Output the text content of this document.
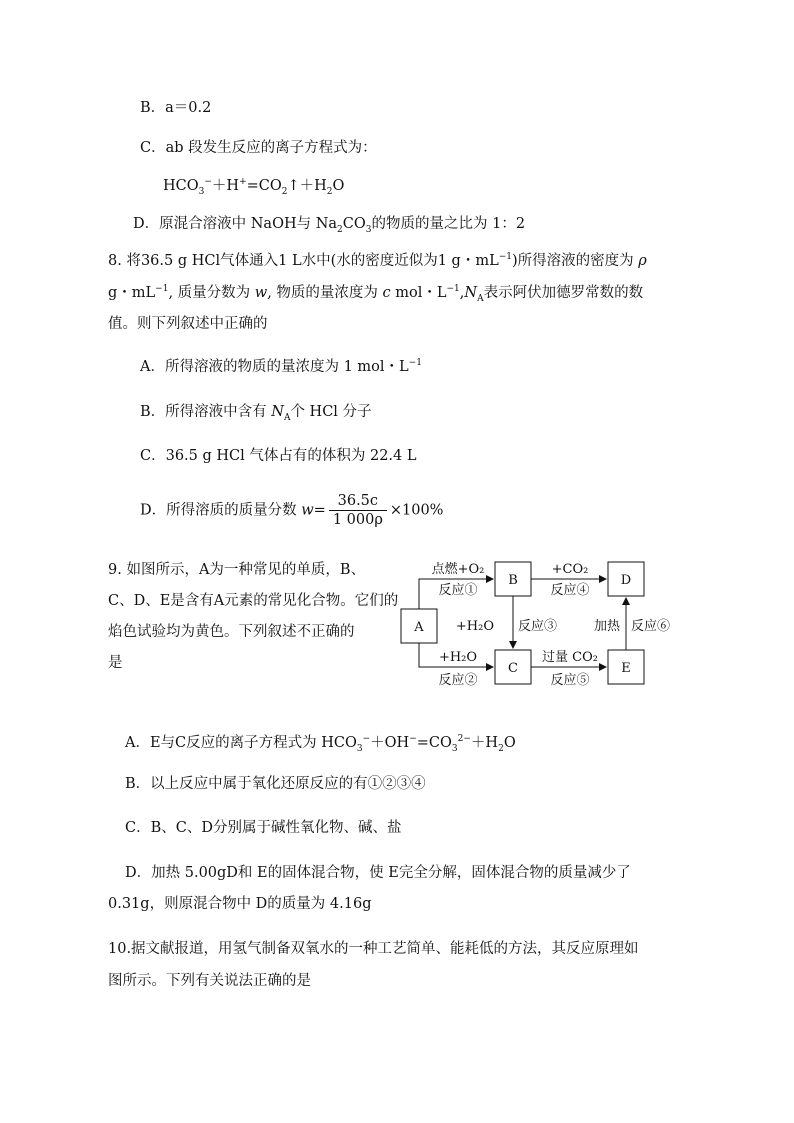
B．a＝0.2
C．ab 段发生反应的离子方程式为：
$HCO_3^-+H^+=CO_2↑+H_2O$
D．原混合溶液中 NaOH与 $Na_2CO_3$的物质的量之比为 1：2
8. 将36.5 g HCl气体通入1 L水中(水的密度近似为1 g・$mL^{-1}$)所得溶液的密度为 ρ
g・$mL^{-1}$, 质量分数为 w, 物质的量浓度为 c mol・$L^{-1},N_A$表示阿伏加德罗常数的数
值。则下列叙述中正确的
A．所得溶液的物质的量浓度为 1 mol・$L^{-1}$
B．所得溶液中含有 $N_A$个 HCl 分子
C．36.5 g HCl 气体占有的体积为 22.4 L
D．所得溶质的质量分数 $w= \frac{36.5c}{1 000\rho} \times 100\%$
9. 如图所示，A为一种常见的单质，B、
C、D、E是含有A元素的常见化合物。它们的
焰色试验均为黄色。下列叙述不正确的
是
A
B	D
C	E
点燃+O₂
反应①
+H₂O
反应②
+H₂O 反应③
+CO₂
反应④
过量 CO₂
反应⑤
加热 反应⑥
A．E与C反应的离子方程式为 $HCO_3^-+OH^-=CO_3^{2-}+H_2O$
B．以上反应中属于氧化还原反应的有①②③④
C．B、C、D分别属于碱性氧化物、碱、盐
D．加热 5.00gD和 E的固体混合物，使 E完全分解，固体混合物的质量减少了
0.31g，则原混合物中 D的质量为 4.16g
10.据文献报道，用氢气制备双氧水的一种工艺简单、能耗低的方法，其反应原理如
图所示。下列有关说法正确的是
